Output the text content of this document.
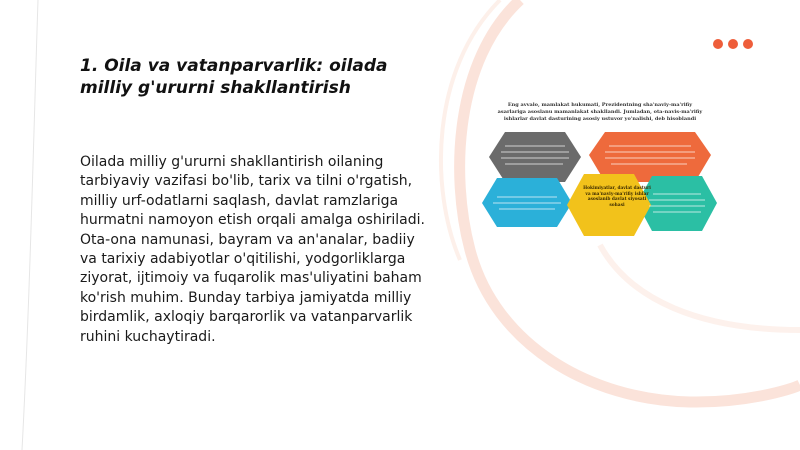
1. Oila va vatanparvarlik: oilada milliy g'ururni shakllantirish

Oilada milliy g'ururni shakllantirish oilaning tarbiyaviy vazifasi bo'lib, tarix va tilni o'rgatish, milliy urf-odatlarni saqlash, davlat ramzlariga hurmatni namoyon etish orqali amalga oshiriladi. Ota-ona namunasi, bayram va an'analar, badiiy va tarixiy adabiyotlar o'qitilishi, yodgorliklarga ziyorat, ijtimoiy va fuqarolik mas'uliyatini baham ko'rish muhim. Bunday tarbiya jamiyatda milliy birdamlik, axloqiy barqarorlik va vatanparvarlik ruhini kuchaytiradi.

Eng avvalo, mamlakat hukumati, Prezidentning sha'naviy-ma'rifiy asarlariga asoslanu mamanlakat shakllandi. Jumladan, ota-navis-ma'rifiy ishlarlar davlat dasturining asosiy ustuvor yo'nalishi, deb hisoblandi

Hokimiyatlar, davlat dasturi va ma'naviy-ma'rifiy ishlar asoslanib davlat siyosati sohasi
